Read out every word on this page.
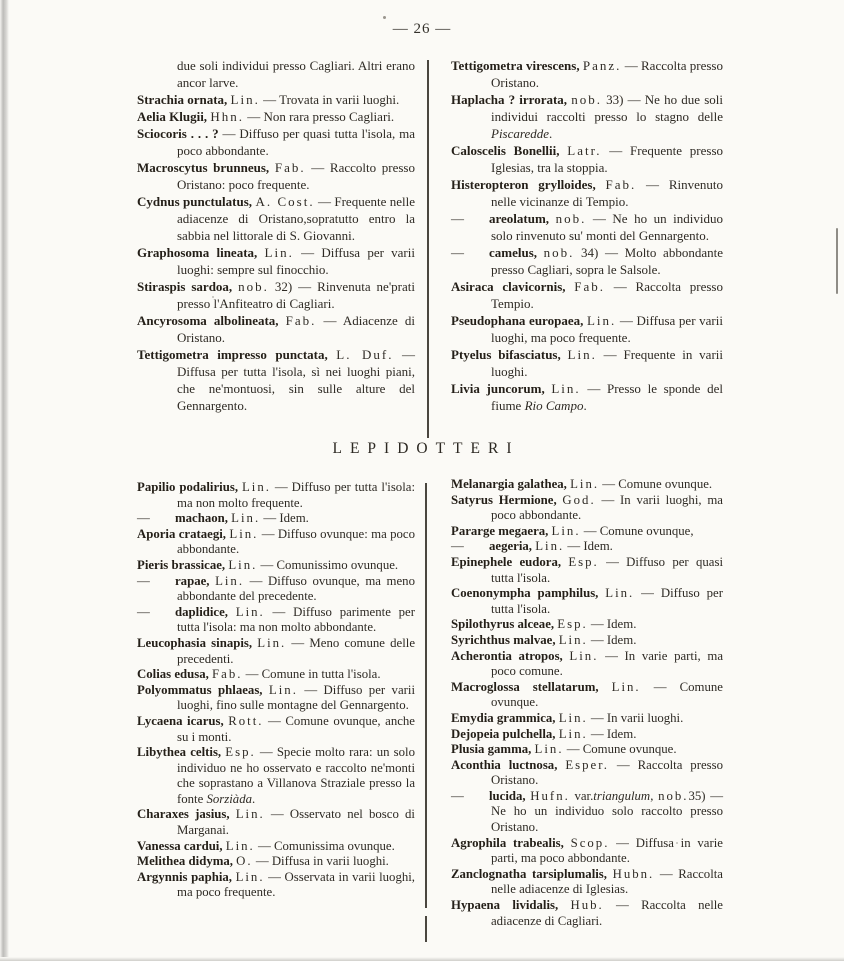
— 26 —

due soli individui presso Cagliari. Altri erano ancor larve.

Strachia ornata, Lin. — Trovata in varii luoghi.

Aelia Klugii, Hhn. — Non rara presso Cagliari.

Sciocoris . . . ? — Diffuso per quasi tutta l'isola, ma poco abbondante.

Macroscytus brunneus, Fab. — Raccolto presso Oristano: poco frequente.

Cydnus punctulatus, A. Cost. — Frequente nelle adiacenze di Oristano,sopratutto entro la sabbia nel littorale di S. Giovanni.

Graphosoma lineata, Lin. — Diffusa per varii luoghi: sempre sul finocchio.

Stiraspis sardoa, nob. 32) — Rinvenuta ne'prati presso l'Anfiteatro di Cagliari.

Ancyrosoma albolineata, Fab. — Adiacenze di Oristano.

Tettigometra impresso punctata, L. Duf. — Diffusa per tutta l'isola, sì nei luoghi piani, che ne'montuosi, sin sulle alture del Gennargento.

Tettigometra virescens, Panz. — Raccolta presso Oristano.

Haplacha ? irrorata, nob. 33) — Ne ho due soli individui raccolti presso lo stagno delle Piscaredde.

Caloscelis Bonellii, Latr. — Frequente presso Iglesias, tra la stoppia.

Histeropteron grylloides, Fab. — Rinvenuto nelle vicinanze di Tempio.

— areolatum, nob. — Ne ho un individuo solo rinvenuto su' monti del Gennargento.

— camelus, nob. 34) — Molto abbondante presso Cagliari, sopra le Salsole.

Asiraca clavicornis, Fab. — Raccolta presso Tempio.

Pseudophana europaea, Lin. — Diffusa per varii luoghi, ma poco frequente.

Ptyelus bifasciatus, Lin. — Frequente in varii luoghi.

Livia juncorum, Lin. — Presso le sponde del fiume Rio Campo.

LEPIDOTTERI

Papilio podalirius, Lin. — Diffuso per tutta l'isola: ma non molto frequente.

— machaon, Lin. — Idem.

Aporia crataegi, Lin. — Diffuso ovunque: ma poco abbondante.

Pieris brassicae, Lin. — Comunissimo ovunque.

— rapae, Lin. — Diffuso ovunque, ma meno abbondante del precedente.

— daplidice, Lin. — Diffuso parimente per tutta l'isola: ma non molto abbondante.

Leucophasia sinapis, Lin. — Meno comune delle precedenti.

Colias edusa, Fab. — Comune in tutta l'isola.

Polyommatus phlaeas, Lin. — Diffuso per varii luoghi, fino sulle montagne del Gennargento.

Lycaena icarus, Rott. — Comune ovunque, anche su i monti.

Libythea celtis, Esp. — Specie molto rara: un solo individuo ne ho osservato e raccolto ne'monti che soprastano a Villanova Straziale presso la fonte Sorziàda.

Charaxes jasius, Lin. — Osservato nel bosco di Marganai.

Vanessa cardui, Lin. — Comunissima ovunque.

Melithea didyma, O. — Diffusa in varii luoghi.

Argynnis paphia, Lin. — Osservata in varii luoghi, ma poco frequente.

Melanargia galathea, Lin. — Comune ovunque.

Satyrus Hermione, God. — In varii luoghi, ma poco abbondante.

Pararge megaera, Lin. — Comune ovunque,

— aegeria, Lin. — Idem.

Epinephele eudora, Esp. — Diffuso per quasi tutta l'isola.

Coenonympha pamphilus, Lin. — Diffuso per tutta l'isola.

Spilothyrus alceae, Esp. — Idem.

Syrichthus malvae, Lin. — Idem.

Acherontia atropos, Lin. — In varie parti, ma poco comune.

Macroglossa stellatarum, Lin. — Comune ovunque.

Emydia grammica, Lin. — In varii luoghi.

Dejopeia pulchella, Lin. — Idem.

Plusia gamma, Lin. — Comune ovunque.

Aconthia luctnosa, Esper. — Raccolta presso Oristano.

— lucida, Hufn. var.triangulum, nob.35) — Ne ho un individuo solo raccolto presso Oristano.

Agrophila trabealis, Scop. — Diffusa in varie parti, ma poco abbondante.

Zanclognatha tarsiplumalis, Hubn. — Raccolta nelle adiacenze di Iglesias.

Hypaena lividalis, Hub. — Raccolta nelle adiacenze di Cagliari.
